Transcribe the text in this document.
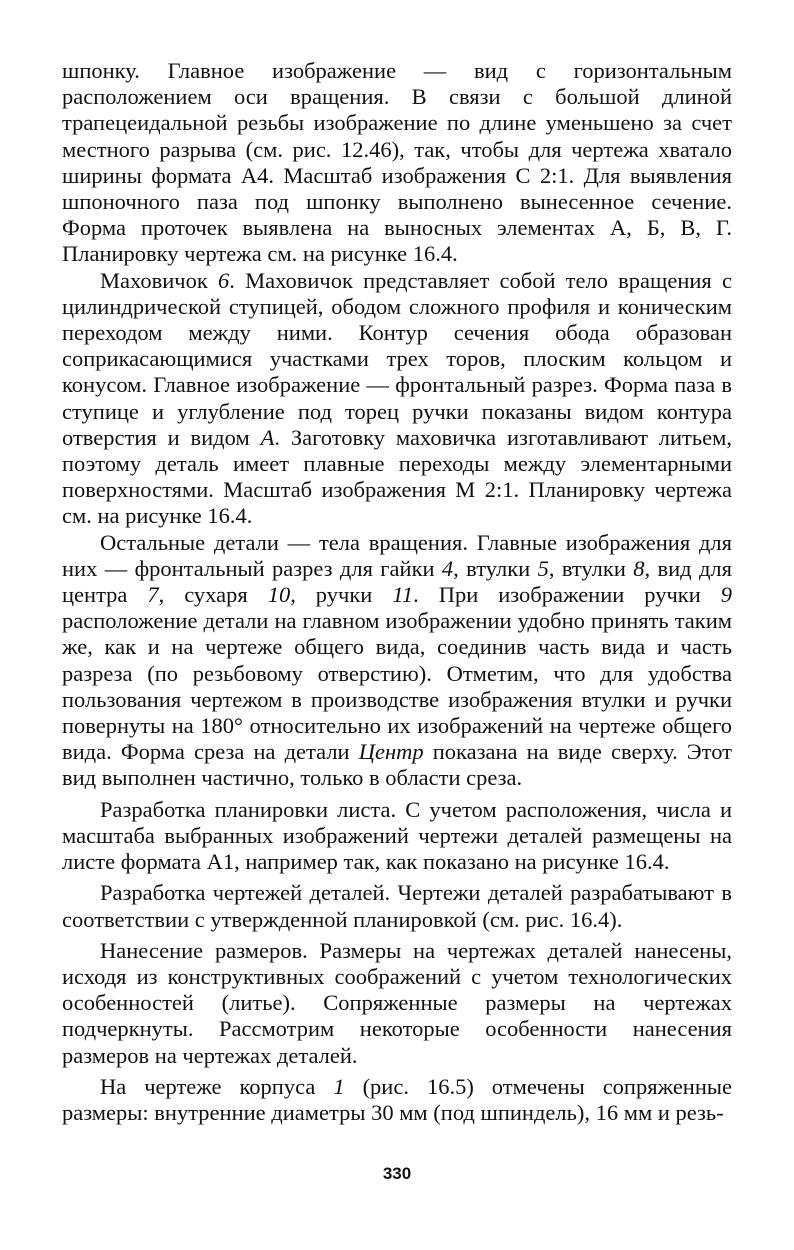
шпонку. Главное изображение — вид с горизонтальным расположением оси вращения. В связи с большой длиной трапецеидальной резьбы изображение по длине уменьшено за счет местного разрыва (см. рис. 12.46), так, чтобы для чертежа хватало ширины формата А4. Масштаб изображения С 2:1. Для выявления шпоночного паза под шпонку выполнено вынесенное сечение. Форма проточек выявлена на выносных элементах А, Б, В, Г. Планировку чертежа см. на рисунке 16.4.

Маховичок 6. Маховичок представляет собой тело вращения с цилиндрической ступицей, ободом сложного профиля и коническим переходом между ними. Контур сечения обода образован соприкасающимися участками трех торов, плоским кольцом и конусом. Главное изображение — фронтальный разрез. Форма паза в ступице и углубление под торец ручки показаны видом контура отверстия и видом А. Заготовку маховичка изготавливают литьем, поэтому деталь имеет плавные переходы между элементарными поверхностями. Масштаб изображения М 2:1. Планировку чертежа см. на рисунке 16.4.

Остальные детали — тела вращения. Главные изображения для них — фронтальный разрез для гайки 4, втулки 5, втулки 8, вид для центра 7, сухаря 10, ручки 11. При изображении ручки 9 расположение детали на главном изображении удобно принять таким же, как и на чертеже общего вида, соединив часть вида и часть разреза (по резьбовому отверстию). Отметим, что для удобства пользования чертежом в производстве изображения втулки и ручки повернуты на 180° относительно их изображений на чертеже общего вида. Форма среза на детали Центр показана на виде сверху. Этот вид выполнен частично, только в области среза.

Разработка планировки листа. С учетом расположения, числа и масштаба выбранных изображений чертежи деталей размещены на листе формата А1, например так, как показано на рисунке 16.4.

Разработка чертежей деталей. Чертежи деталей разрабатывают в соответствии с утвержденной планировкой (см. рис. 16.4).

Нанесение размеров. Размеры на чертежах деталей нанесены, исходя из конструктивных соображений с учетом технологических особенностей (литье). Сопряженные размеры на чертежах подчеркнуты. Рассмотрим некоторые особенности нанесения размеров на чертежах деталей.

На чертеже корпуса 1 (рис. 16.5) отмечены сопряженные размеры: внутренние диаметры 30 мм (под шпиндель), 16 мм и резь-

330
